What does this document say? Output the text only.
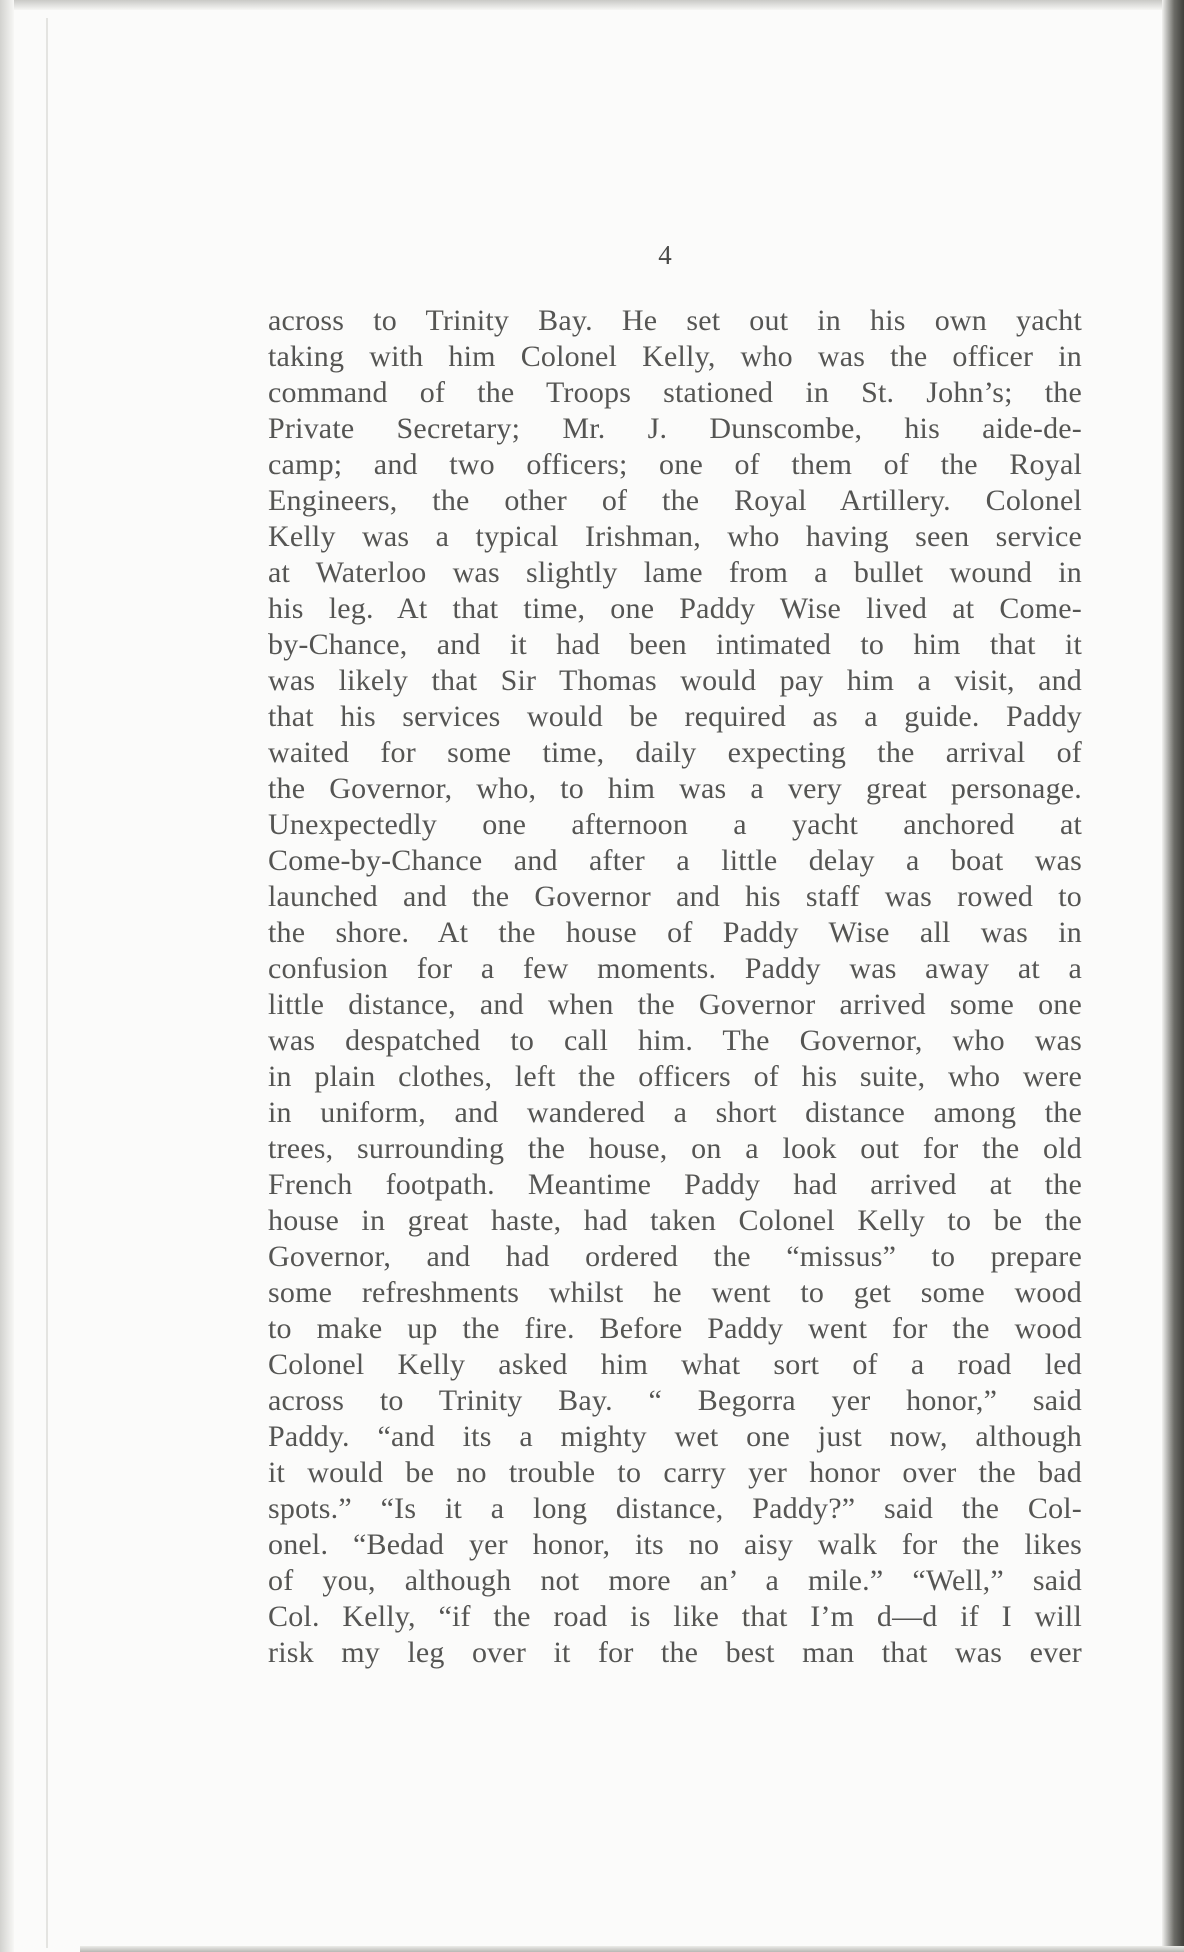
4
across to Trinity Bay. He set out in his own yacht
taking with him Colonel Kelly, who was the officer in
command of the Troops stationed in St. John’s; the
Private Secretary; Mr. J. Dunscombe, his aide-de-
camp; and two officers; one of them of the Royal
Engineers, the other of the Royal Artillery. Colonel
Kelly was a typical Irishman, who having seen service
at Waterloo was slightly lame from a bullet wound in
his leg. At that time, one Paddy Wise lived at Come-
by-Chance, and it had been intimated to him that it
was likely that Sir Thomas would pay him a visit, and
that his services would be required as a guide. Paddy
waited for some time, daily expecting the arrival of
the Governor, who, to him was a very great personage.
Unexpectedly one afternoon a yacht anchored at
Come-by-Chance and after a little delay a boat was
launched and the Governor and his staff was rowed to
the shore. At the house of Paddy Wise all was in
confusion for a few moments. Paddy was away at a
little distance, and when the Governor arrived some one
was despatched to call him. The Governor, who was
in plain clothes, left the officers of his suite, who were
in uniform, and wandered a short distance among the
trees, surrounding the house, on a look out for the old
French footpath. Meantime Paddy had arrived at the
house in great haste, had taken Colonel Kelly to be the
Governor, and had ordered the “missus” to prepare
some refreshments whilst he went to get some wood
to make up the fire. Before Paddy went for the wood
Colonel Kelly asked him what sort of a road led
across to Trinity Bay. “ Begorra yer honor,” said
Paddy. “and its a mighty wet one just now, although
it would be no trouble to carry yer honor over the bad
spots.” “Is it a long distance, Paddy?” said the Col-
onel. “Bedad yer honor, its no aisy walk for the likes
of you, although not more an’ a mile.” “Well,” said
Col. Kelly, “if the road is like that I’m d—d if I will
risk my leg over it for the best man that was ever
